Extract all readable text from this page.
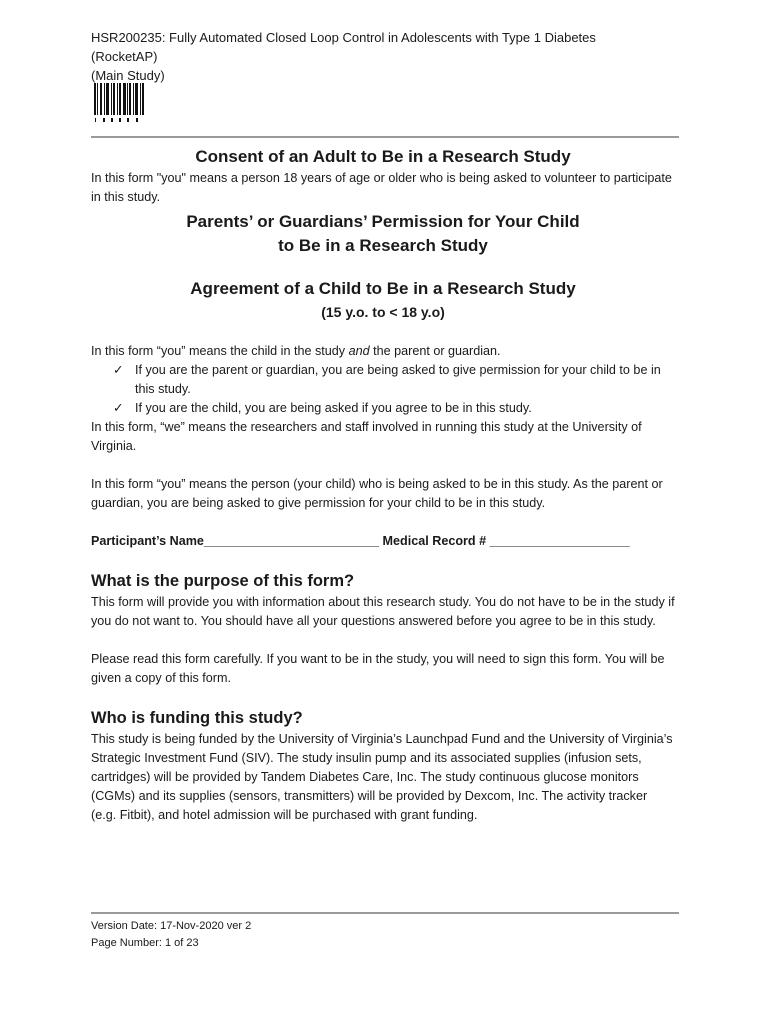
HSR200235: Fully Automated Closed Loop Control in Adolescents with Type 1 Diabetes
(RocketAP)
(Main Study)
Consent of an Adult to Be in a Research Study

In this form "you" means a person 18 years of age or older who is being asked to volunteer to participate in this study.

Parents’ or Guardians’ Permission for Your Child
to Be in a Research Study
Agreement of a Child to Be in a Research Study
(15 y.o. to < 18 y.o)

In this form “you” means the child in the study and the parent or guardian.

✓ If you are the parent or guardian, you are being asked to give permission for your child to be in this study.
✓ If you are the child, you are being asked if you agree to be in this study.

In this form, “we” means the researchers and staff involved in running this study at the University of Virginia.

In this form “you” means the person (your child) who is being asked to be in this study. As the parent or guardian, you are being asked to give permission for your child to be in this study.

Participant’s Name_________________________ Medical Record # ____________________

What is the purpose of this form?

This form will provide you with information about this research study. You do not have to be in the study if you do not want to. You should have all your questions answered before you agree to be in this study.

Please read this form carefully. If you want to be in the study, you will need to sign this form. You will be given a copy of this form.

Who is funding this study?

This study is being funded by the University of Virginia’s Launchpad Fund and the University of Virginia’s Strategic Investment Fund (SIV). The study insulin pump and its associated supplies (infusion sets, cartridges) will be provided by Tandem Diabetes Care, Inc. The study continuous glucose monitors (CGMs) and its supplies (sensors, transmitters) will be provided by Dexcom, Inc. The activity tracker (e.g. Fitbit), and hotel admission will be purchased with grant funding.

Version Date: 17-Nov-2020 ver 2
Page Number: 1 of 23
